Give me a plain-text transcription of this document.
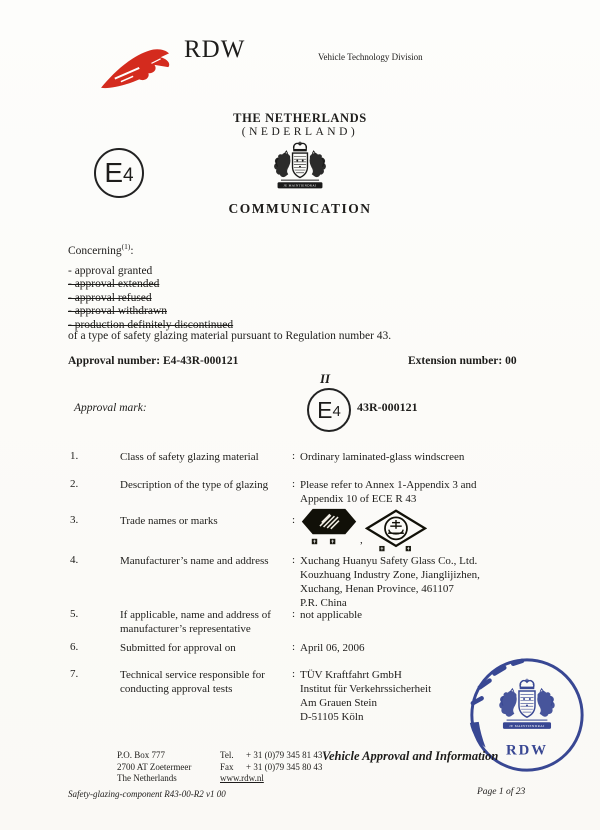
RDW	Vehicle Technology Division
THE NETHERLANDS
(NEDERLAND)
COMMUNICATION
E 4
Concerning$^{(1)}$:
- approval granted
- approval extended
- approval refused
- approval withdrawn
- production definitely discontinued
of a type of safety glazing material pursuant to Regulation number 43.
Approval number: E4-43R-000121	Extension number: 00
Approval mark:
II
E 4 43R-000121
1.	Class of safety glazing material	: Ordinary laminated-glass windscreen
2.	Description of the type of glazing	: Please refer to Annex 1-Appendix 3 and
Appendix 10 of ECE R 43
3.	Trade names or marks	:
,
4.	Manufacturer’s name and address	: Xuchang Huanyu Safety Glass Co., Ltd.
Kouzhuang Industry Zone, Jianglijizhen,
Xuchang, Henan Province, 461107
P.R. China
5.	If applicable, name and address of
manufacturer’s representative
: not applicable
6.	Submitted for approval on	: April 06, 2006
7.	Technical service responsible for
conducting approval tests
: TÜV Kraftfahrt GmbH
Institut für Verkehrssicherheit
Am Grauen Stein
D-51105 Köln
RDW
P.O. Box 777
2700 AT Zoetermeer
The Netherlands
Tel. + 31 (0)79 345 81 43
Fax + 31 (0)79 345 80 43
www.rdw.nl
Vehicle Approval and Information
Safety-glazing-component R43-00-R2 v1 00	Page 1 of 23
